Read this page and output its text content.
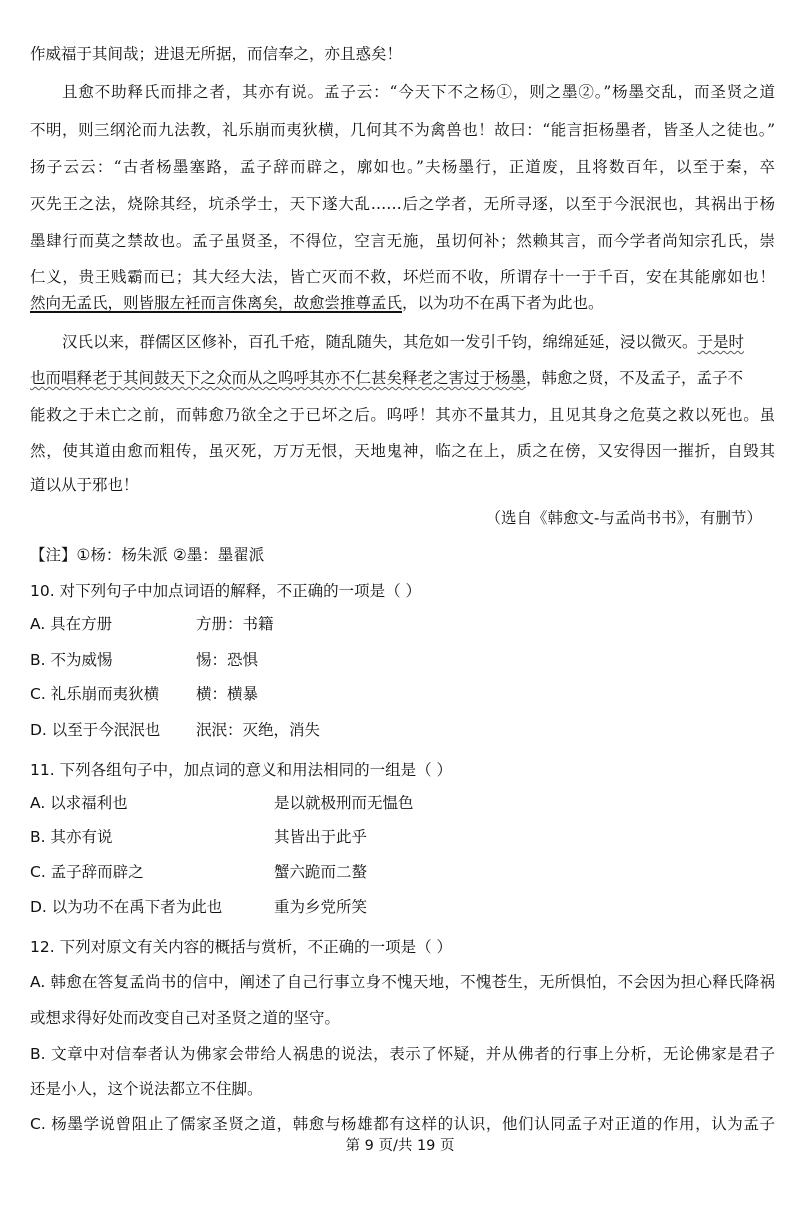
作威福于其间哉；进退无所据，而信奉之，亦且惑矣！
且愈不助释氏而排之者，其亦有说。孟子云：“今天下不之杨①，则之墨②。”杨墨交乱，而圣贤之道
不明，则三纲沦而九法教，礼乐崩而夷狄横，几何其不为禽兽也！故曰：“能言拒杨墨者，皆圣人之徒也。”
扬子云云：“古者杨墨塞路，孟子辞而辟之，廓如也。”夫杨墨行，正道废，且将数百年，以至于秦，卒
灭先王之法，烧除其经，坑杀学士，天下遂大乱……后之学者，无所寻逐，以至于今泯泯也，其祸出于杨
墨肆行而莫之禁故也。孟子虽贤圣，不得位，空言无施，虽切何补；然赖其言，而今学者尚知宗孔氏，崇
仁义，贵王贱霸而已；其大经大法，皆亡灭而不救，坏烂而不收，所谓存十一于千百，安在其能廓如也！
然向无孟氏，则皆服左衽而言侏离矣，故愈尝推尊孟氏，以为功不在禹下者为此也。
汉氏以来，群儒区区修补，百孔千疮，随乱随失，其危如一发引千钧，绵绵延延，浸以微灭。于是时
也而唱释老于其间鼓天下之众而从之呜呼其亦不仁甚矣释老之害过于杨墨，韩愈之贤，不及孟子，孟子不
能救之于未亡之前，而韩愈乃欲全之于已坏之后。呜呼！其亦不量其力，且见其身之危莫之救以死也。虽
然，使其道由愈而粗传，虽灭死，万万无恨，天地鬼神，临之在上，质之在傍，又安得因一摧折，自毁其
道以从于邪也！
（选自《韩愈文-与孟尚书书》，有删节）
【注】①杨：杨朱派 ②墨：墨翟派
10. 对下列句子中加点词语的解释，不正确的一项是（ ）
A. 具在方册	方册：书籍
B. 不为威惕	惕：恐惧
C. 礼乐崩而夷狄横 横：横暴
D. 以至于今泯泯也 泯泯：灭绝，消失
11. 下列各组句子中，加点词的意义和用法相同的一组是（ ）
A. 以求福利也	是以就极刑而无愠色
B. 其亦有说	其皆出于此乎
C. 孟子辞而辟之	蟹六跪而二螯
D. 以为功不在禹下者为此也	重为乡党所笑
12. 下列对原文有关内容的概括与赏析，不正确的一项是（ ）
A. 韩愈在答复孟尚书的信中，阐述了自己行事立身不愧天地，不愧苍生，无所惧怕，不会因为担心释氏降祸
或想求得好处而改变自己对圣贤之道的坚守。
B. 文章中对信奉者认为佛家会带给人祸患的说法，表示了怀疑，并从佛者的行事上分析，无论佛家是君子
还是小人，这个说法都立不住脚。
C. 杨墨学说曾阻止了儒家圣贤之道，韩愈与杨雄都有这样的认识，他们认同孟子对正道的作用，认为孟子
第 9 页/共 19 页
